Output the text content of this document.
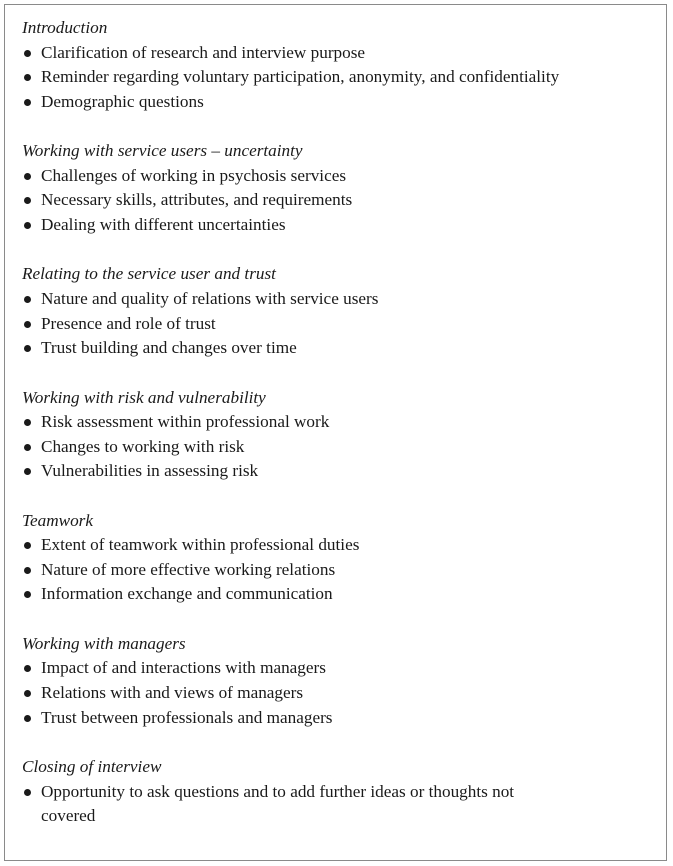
Introduction

Clarification of research and interview purpose
Reminder regarding voluntary participation, anonymity, and confidentiality
Demographic questions

Working with service users – uncertainty

Challenges of working in psychosis services
Necessary skills, attributes, and requirements
Dealing with different uncertainties

Relating to the service user and trust

Nature and quality of relations with service users
Presence and role of trust
Trust building and changes over time

Working with risk and vulnerability

Risk assessment within professional work
Changes to working with risk
Vulnerabilities in assessing risk

Teamwork

Extent of teamwork within professional duties
Nature of more effective working relations
Information exchange and communication

Working with managers

Impact of and interactions with managers
Relations with and views of managers
Trust between professionals and managers

Closing of interview

Opportunity to ask questions and to add further ideas or thoughts not covered
